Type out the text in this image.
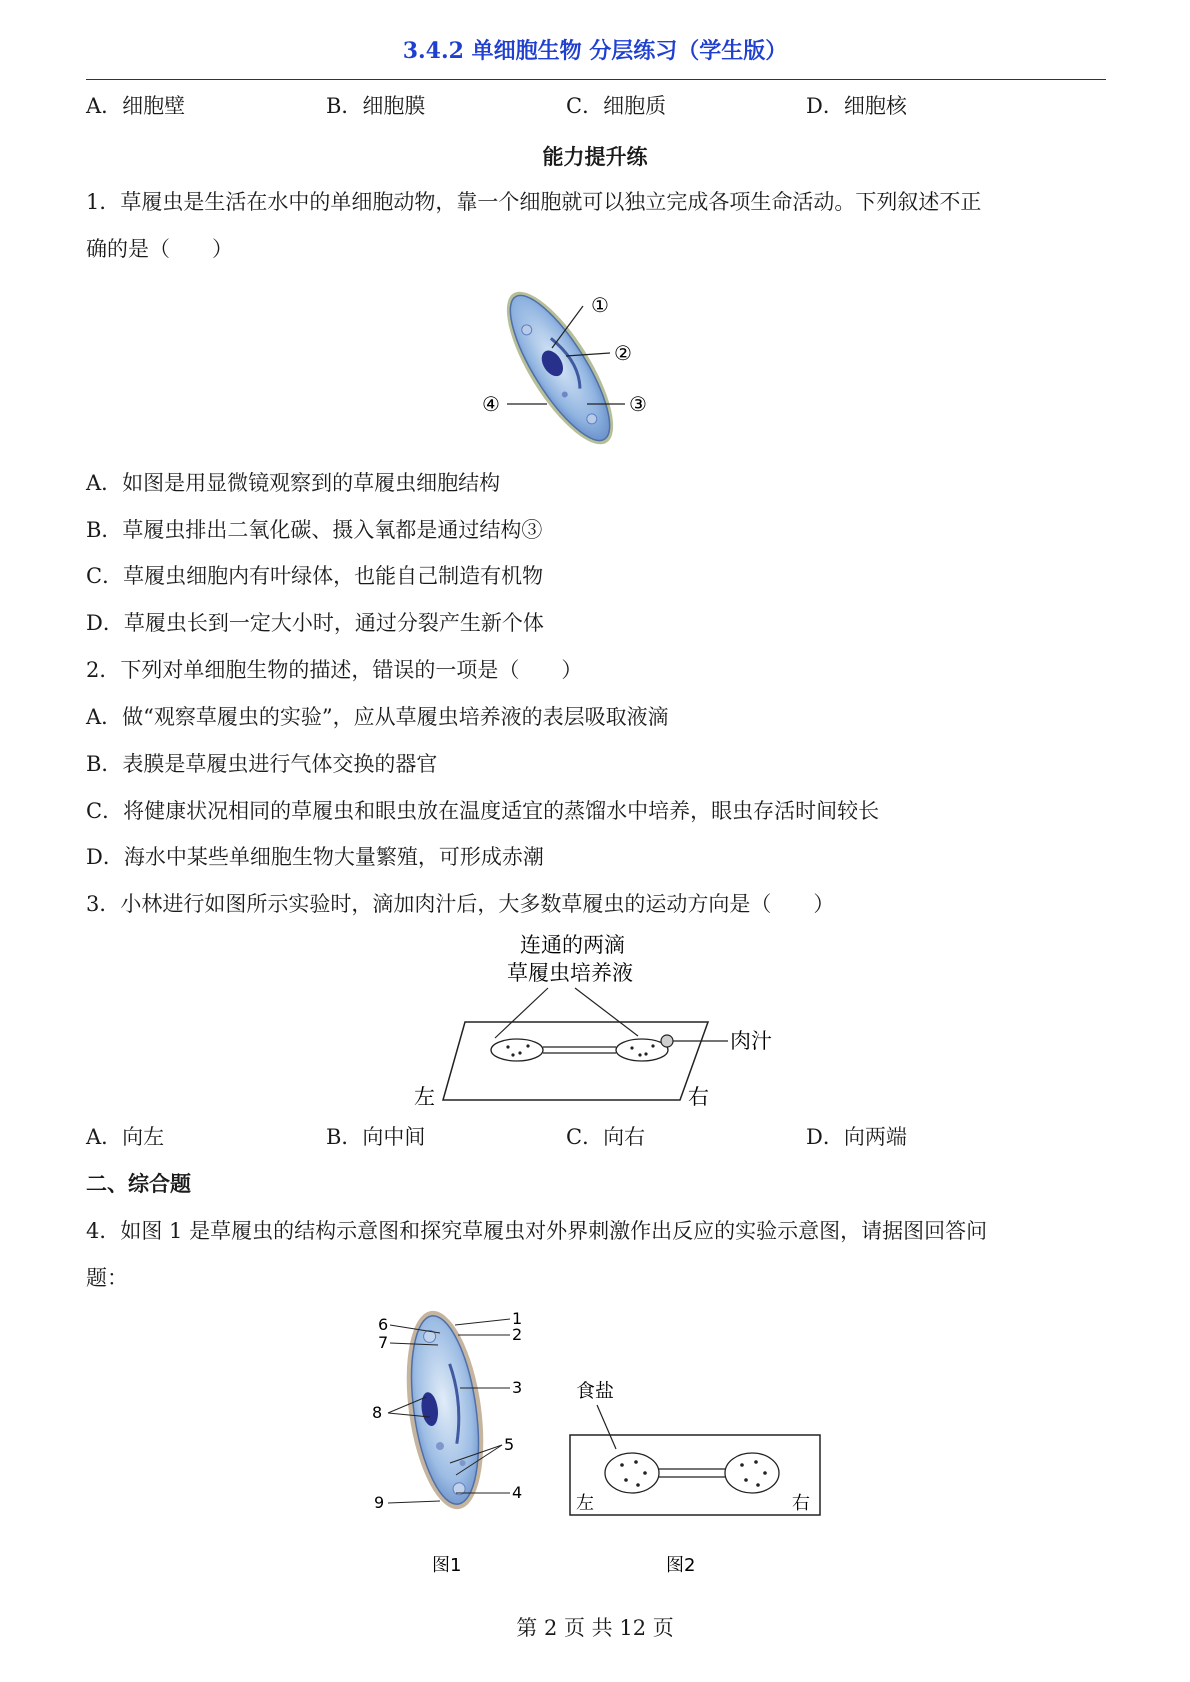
3.4.2 单细胞生物 分层练习（学生版）
A．细胞壁	B．细胞膜	C．细胞质	D．细胞核
能力提升练
1．草履虫是生活在水中的单细胞动物，靠一个细胞就可以独立完成各项生命活动。下列叙述不正
确的是（　　）
①
②
③
④
A．如图是用显微镜观察到的草履虫细胞结构
B．草履虫排出二氧化碳、摄入氧都是通过结构③
C．草履虫细胞内有叶绿体，也能自己制造有机物
D．草履虫长到一定大小时，通过分裂产生新个体
2．下列对单细胞生物的描述，错误的一项是（　　）
A．做“观察草履虫的实验”，应从草履虫培养液的表层吸取液滴
B．表膜是草履虫进行气体交换的器官
C．将健康状况相同的草履虫和眼虫放在温度适宜的蒸馏水中培养，眼虫存活时间较长
D．海水中某些单细胞生物大量繁殖，可形成赤潮
3．小林进行如图所示实验时，滴加肉汁后，大多数草履虫的运动方向是（　　）
连通的两滴
草履虫培养液
肉汁
左	右
A．向左	B．向中间	C．向右	D．向两端
二、综合题
4．如图 1 是草履虫的结构示意图和探究草履虫对外界刺激作出反应的实验示意图，请据图回答问
题：
1
2
3
4
5
6
7
8
9
图1
食盐
左	右
图2
第 2 页 共 12 页
